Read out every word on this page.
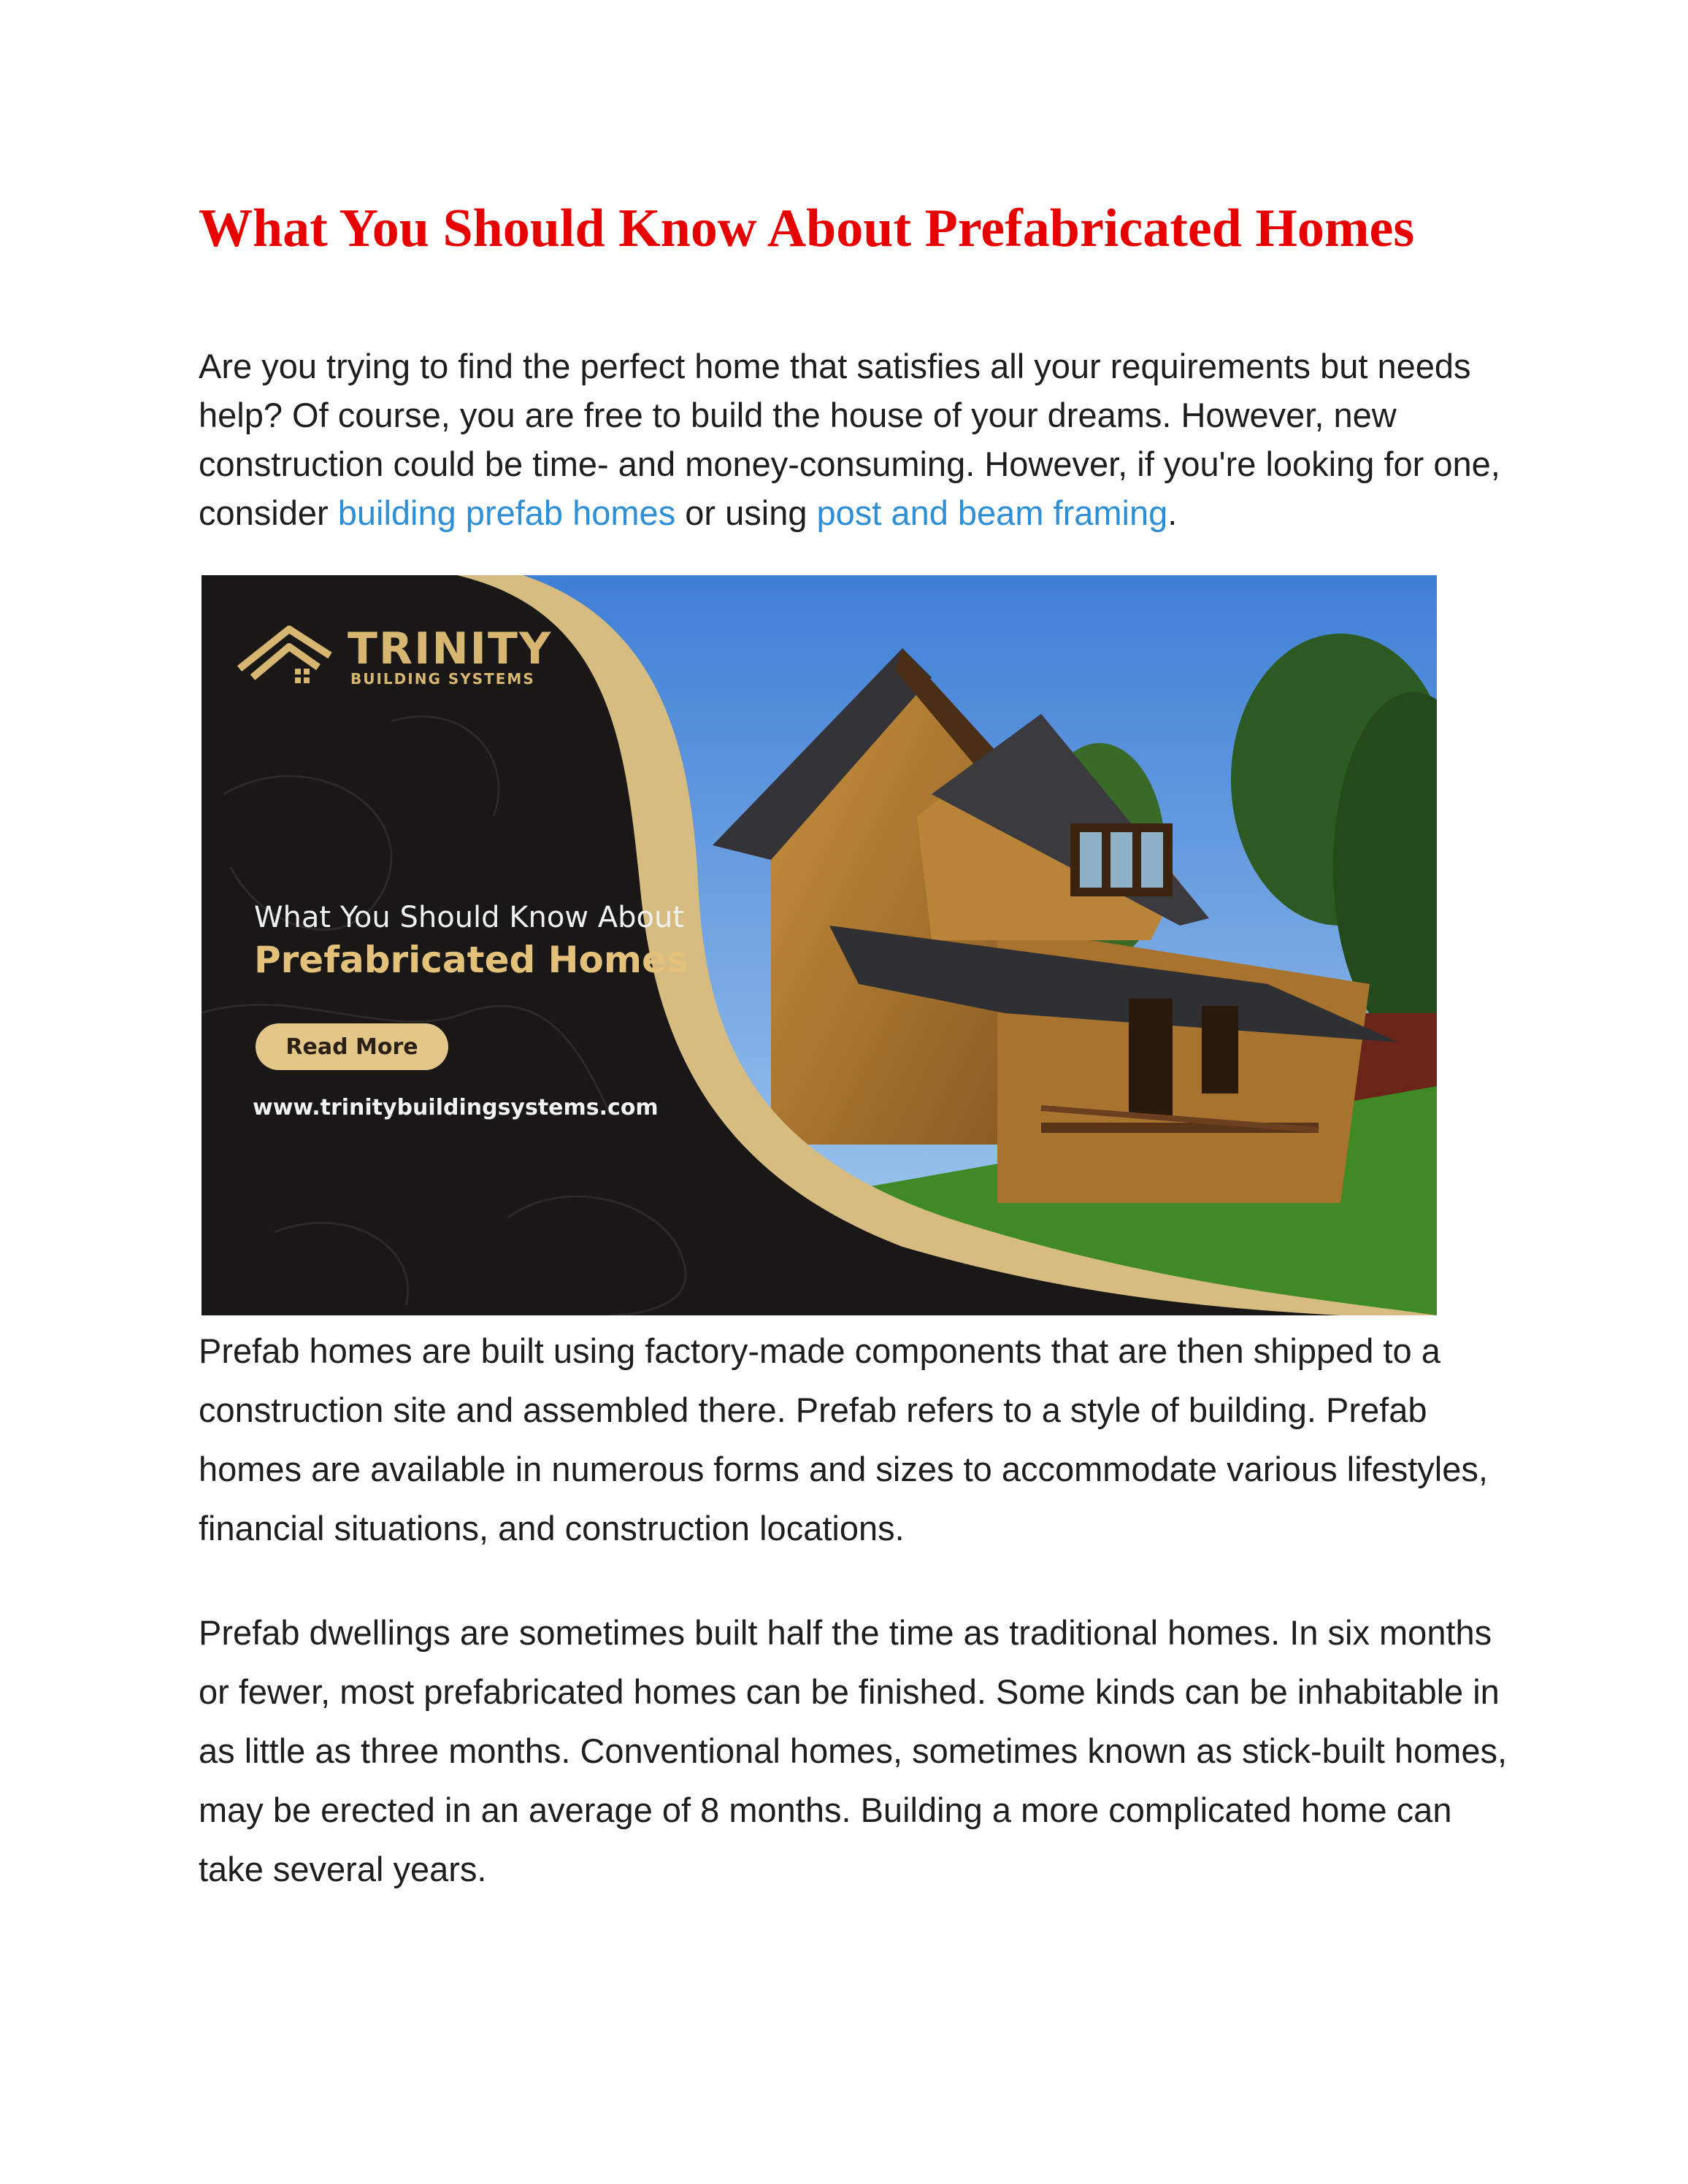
What You Should Know About Prefabricated Homes

Are you trying to find the perfect home that satisfies all your requirements but needs help? Of course, you are free to build the house of your dreams. However, new construction could be time- and money-consuming. However, if you're looking for one, consider building prefab homes or using post and beam framing.

TRINITY
BUILDING SYSTEMS
What You Should Know About
Prefabricated Homes
Read More
www.trinitybuildingsystems.com

Prefab homes are built using factory-made components that are then shipped to a construction site and assembled there. Prefab refers to a style of building. Prefab homes are available in numerous forms and sizes to accommodate various lifestyles, financial situations, and construction locations.

Prefab dwellings are sometimes built half the time as traditional homes. In six months or fewer, most prefabricated homes can be finished. Some kinds can be inhabitable in as little as three months. Conventional homes, sometimes known as stick-built homes, may be erected in an average of 8 months. Building a more complicated home can take several years.
